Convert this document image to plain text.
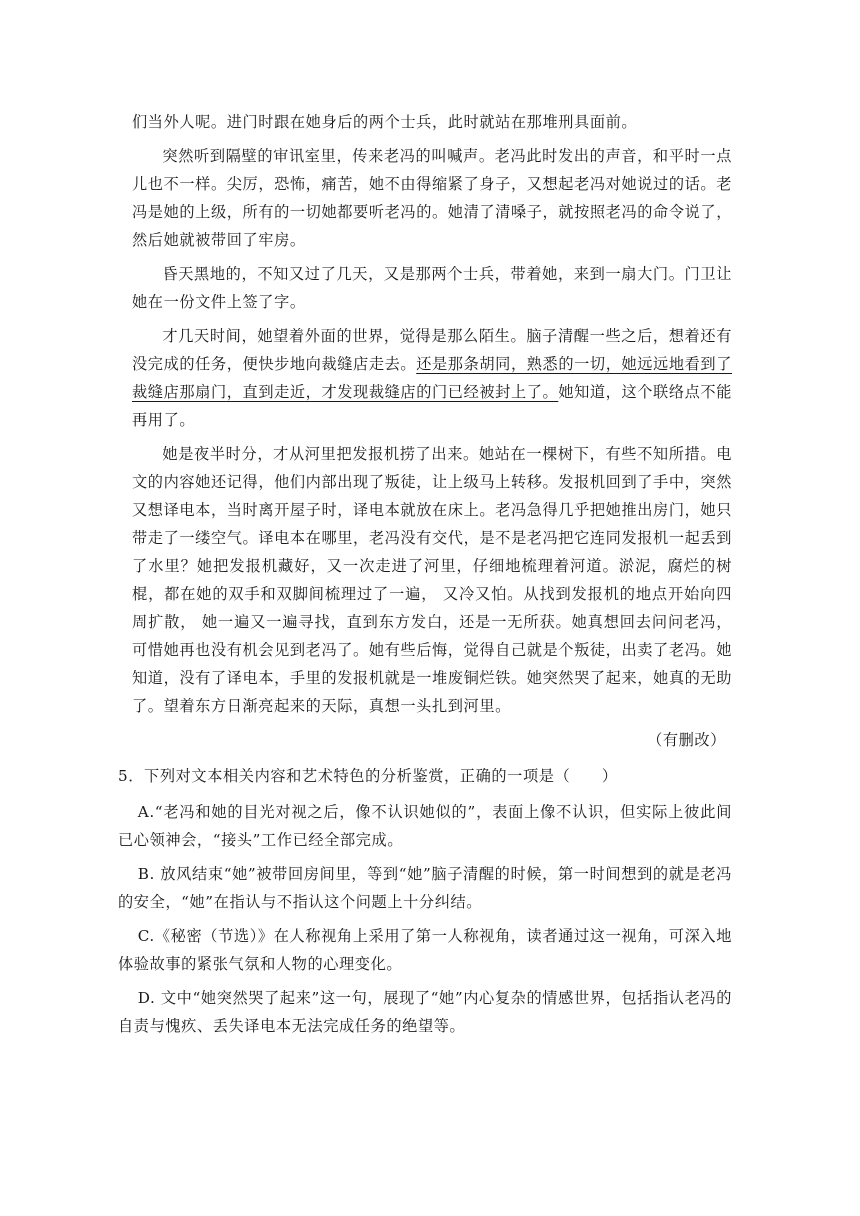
们当外人呢。进门时跟在她身后的两个士兵，此时就站在那堆刑具面前。

突然听到隔壁的审讯室里，传来老冯的叫喊声。老冯此时发出的声音，和平时一点儿也不一样。尖厉，恐怖，痛苦，她不由得缩紧了身子，又想起老冯对她说过的话。老冯是她的上级，所有的一切她都要听老冯的。她清了清嗓子，就按照老冯的命令说了，然后她就被带回了牢房。

昏天黑地的，不知又过了几天，又是那两个士兵，带着她，来到一扇大门。门卫让她在一份文件上签了字。

才几天时间，她望着外面的世界，觉得是那么陌生。脑子清醒一些之后，想着还有没完成的任务，便快步地向裁缝店走去。还是那条胡同，熟悉的一切，她远远地看到了裁缝店那扇门，直到走近，才发现裁缝店的门已经被封上了。她知道，这个联络点不能再用了。

她是夜半时分，才从河里把发报机捞了出来。她站在一棵树下，有些不知所措。电文的内容她还记得，他们内部出现了叛徒，让上级马上转移。发报机回到了手中，突然又想译电本，当时离开屋子时，译电本就放在床上。老冯急得几乎把她推出房门，她只带走了一缕空气。译电本在哪里，老冯没有交代，是不是老冯把它连同发报机一起丢到了水里？她把发报机藏好，又一次走进了河里，仔细地梳理着河道。淤泥，腐烂的树棍，都在她的双手和双脚间梳理过了一遍， 又冷又怕。从找到发报机的地点开始向四周扩散， 她一遍又一遍寻找，直到东方发白，还是一无所获。她真想回去问问老冯，可惜她再也没有机会见到老冯了。她有些后悔，觉得自己就是个叛徒，出卖了老冯。她知道，没有了译电本，手里的发报机就是一堆废铜烂铁。她突然哭了起来，她真的无助了。望着东方日渐亮起来的天际，真想一头扎到河里。

（有删改）
5．下列对文本相关内容和艺术特色的分析鉴赏，正确的一项是（　　）

A.“老冯和她的目光对视之后，像不认识她似的”，表面上像不认识，但实际上彼此间已心领神会，“接头”工作已经全部完成。

B. 放风结束“她”被带回房间里，等到“她”脑子清醒的时候，第一时间想到的就是老冯的安全，“她”在指认与不指认这个问题上十分纠结。

C.《秘密（节选）》在人称视角上采用了第一人称视角，读者通过这一视角，可深入地体验故事的紧张气氛和人物的心理变化。

D. 文中“她突然哭了起来”这一句，展现了“她”内心复杂的情感世界，包括指认老冯的自责与愧疚、丢失译电本无法完成任务的绝望等。
